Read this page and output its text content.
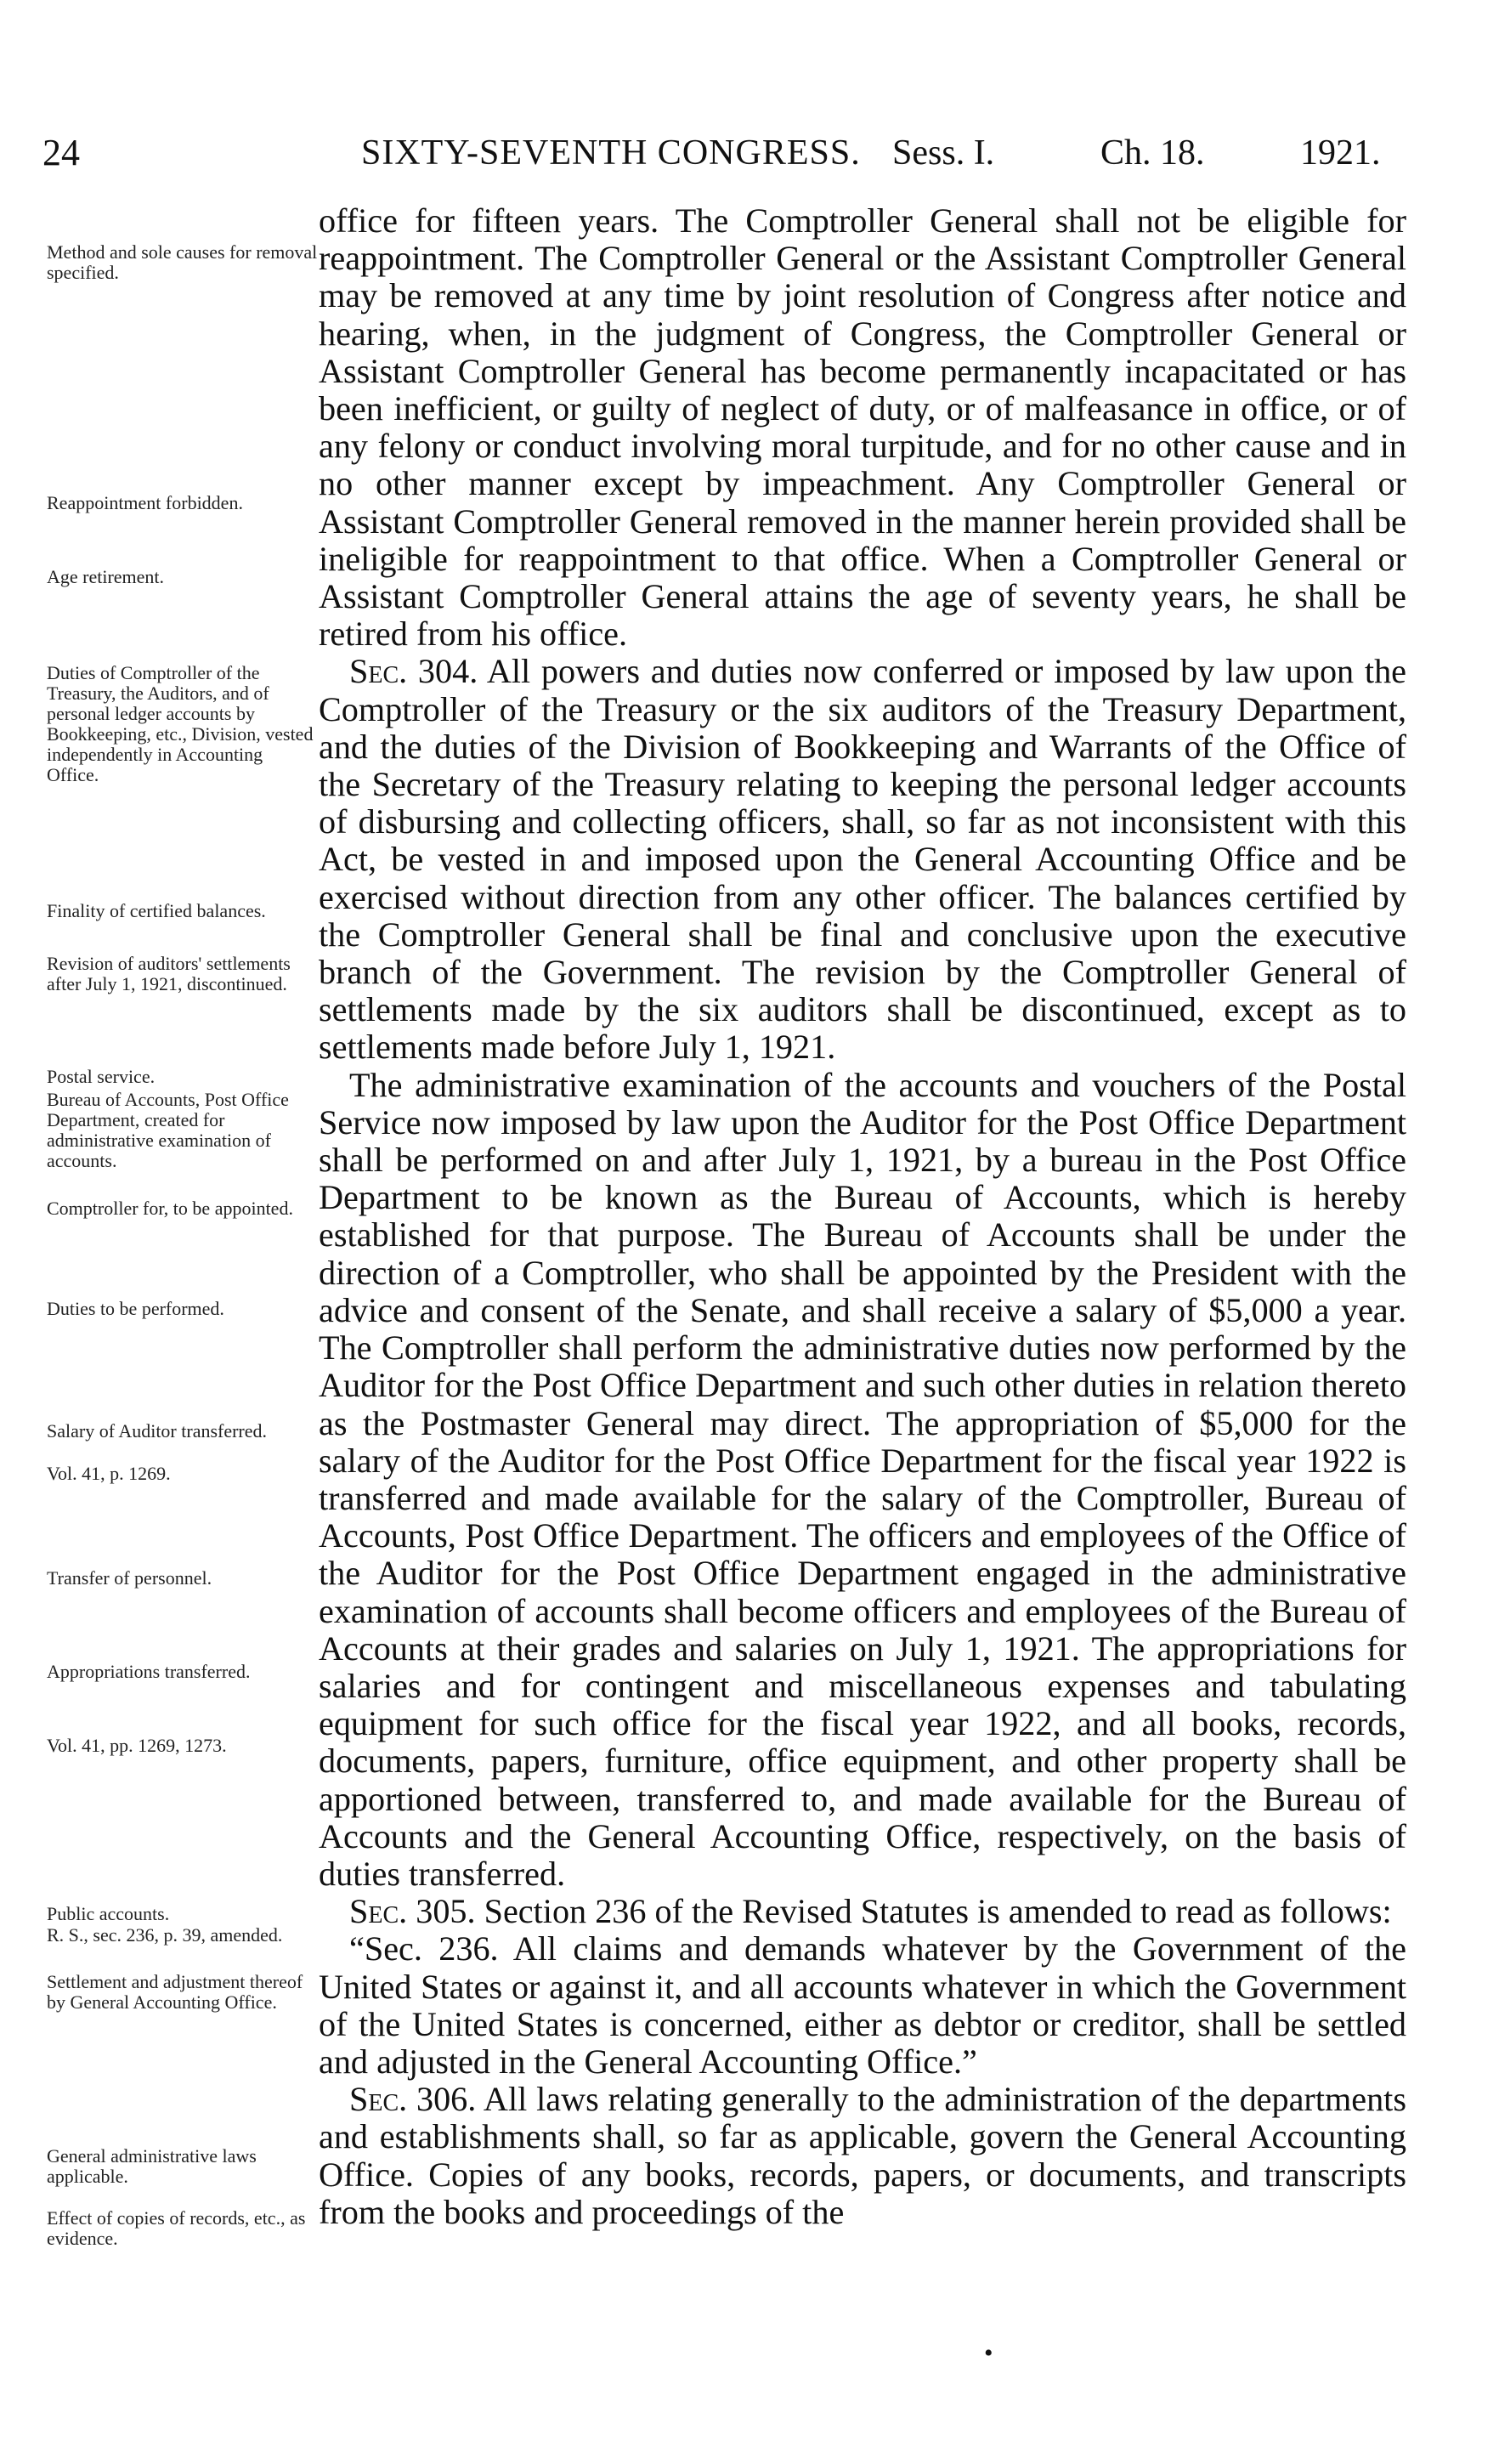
24	SIXTY-SEVENTH CONGRESS. Sess. I.	Ch. 18.	1921.
Method and sole causes for removal specified.
Reappointment forbidden.
Age retirement.
Duties of Comptroller of the Treasury, the Auditors, and of personal ledger accounts by Bookkeeping, etc., Division, vested independently in Accounting Office.
Finality of certified balances.
Revision of auditors' settlements after July 1, 1921, discontinued.
Postal service.
Bureau of Accounts, Post Office Department, created for administrative examination of accounts.
Comptroller for, to be appointed.
Duties to be performed.
Salary of Auditor transferred.
Vol. 41, p. 1269.
Transfer of personnel.
Appropriations transferred.
Vol. 41, pp. 1269, 1273.
Public accounts.
R. S., sec. 236, p. 39, amended.
Settlement and adjustment thereof by General Accounting Office.
General administrative laws applicable.
Effect of copies of records, etc., as evidence.

office for fifteen years. The Comptroller General shall not be eligible for reappointment. The Comptroller General or the Assistant Comptroller General may be removed at any time by joint resolution of Congress after notice and hearing, when, in the judgment of Congress, the Comptroller General or Assistant Comptroller General has become permanently incapacitated or has been inefficient, or guilty of neglect of duty, or of malfeasance in office, or of any felony or conduct involving moral turpitude, and for no other cause and in no other manner except by impeachment. Any Comptroller General or Assistant Comptroller General removed in the manner herein provided shall be ineligible for reappointment to that office. When a Comptroller General or Assistant Comptroller General attains the age of seventy years, he shall be retired from his office.

Sec. 304. All powers and duties now conferred or imposed by law upon the Comptroller of the Treasury or the six auditors of the Treasury Department, and the duties of the Division of Bookkeeping and Warrants of the Office of the Secretary of the Treasury relating to keeping the personal ledger accounts of disbursing and collecting officers, shall, so far as not inconsistent with this Act, be vested in and imposed upon the General Accounting Office and be exercised without direction from any other officer. The balances certified by the Comptroller General shall be final and conclusive upon the executive branch of the Government. The revision by the Comptroller General of settlements made by the six auditors shall be discontinued, except as to settlements made before July 1, 1921.

The administrative examination of the accounts and vouchers of the Postal Service now imposed by law upon the Auditor for the Post Office Department shall be performed on and after July 1, 1921, by a bureau in the Post Office Department to be known as the Bureau of Accounts, which is hereby established for that purpose. The Bureau of Accounts shall be under the direction of a Comptroller, who shall be appointed by the President with the advice and consent of the Senate, and shall receive a salary of $5,000 a year. The Comptroller shall perform the administrative duties now performed by the Auditor for the Post Office Department and such other duties in relation thereto as the Postmaster General may direct. The appropriation of $5,000 for the salary of the Auditor for the Post Office Department for the fiscal year 1922 is transferred and made available for the salary of the Comptroller, Bureau of Accounts, Post Office Department. The officers and employees of the Office of the Auditor for the Post Office Department engaged in the administrative examination of accounts shall become officers and employees of the Bureau of Accounts at their grades and salaries on July 1, 1921. The appropriations for salaries and for contingent and miscellaneous expenses and tabulating equipment for such office for the fiscal year 1922, and all books, records, documents, papers, furniture, office equipment, and other property shall be apportioned between, transferred to, and made available for the Bureau of Accounts and the General Accounting Office, respectively, on the basis of duties transferred.

Sec. 305. Section 236 of the Revised Statutes is amended to read as follows:

“Sec. 236. All claims and demands whatever by the Government of the United States or against it, and all accounts whatever in which the Government of the United States is concerned, either as debtor or creditor, shall be settled and adjusted in the General Accounting Office.”

Sec. 306. All laws relating generally to the administration of the departments and establishments shall, so far as applicable, govern the General Accounting Office. Copies of any books, records, papers, or documents, and transcripts from the books and proceedings of the

•
